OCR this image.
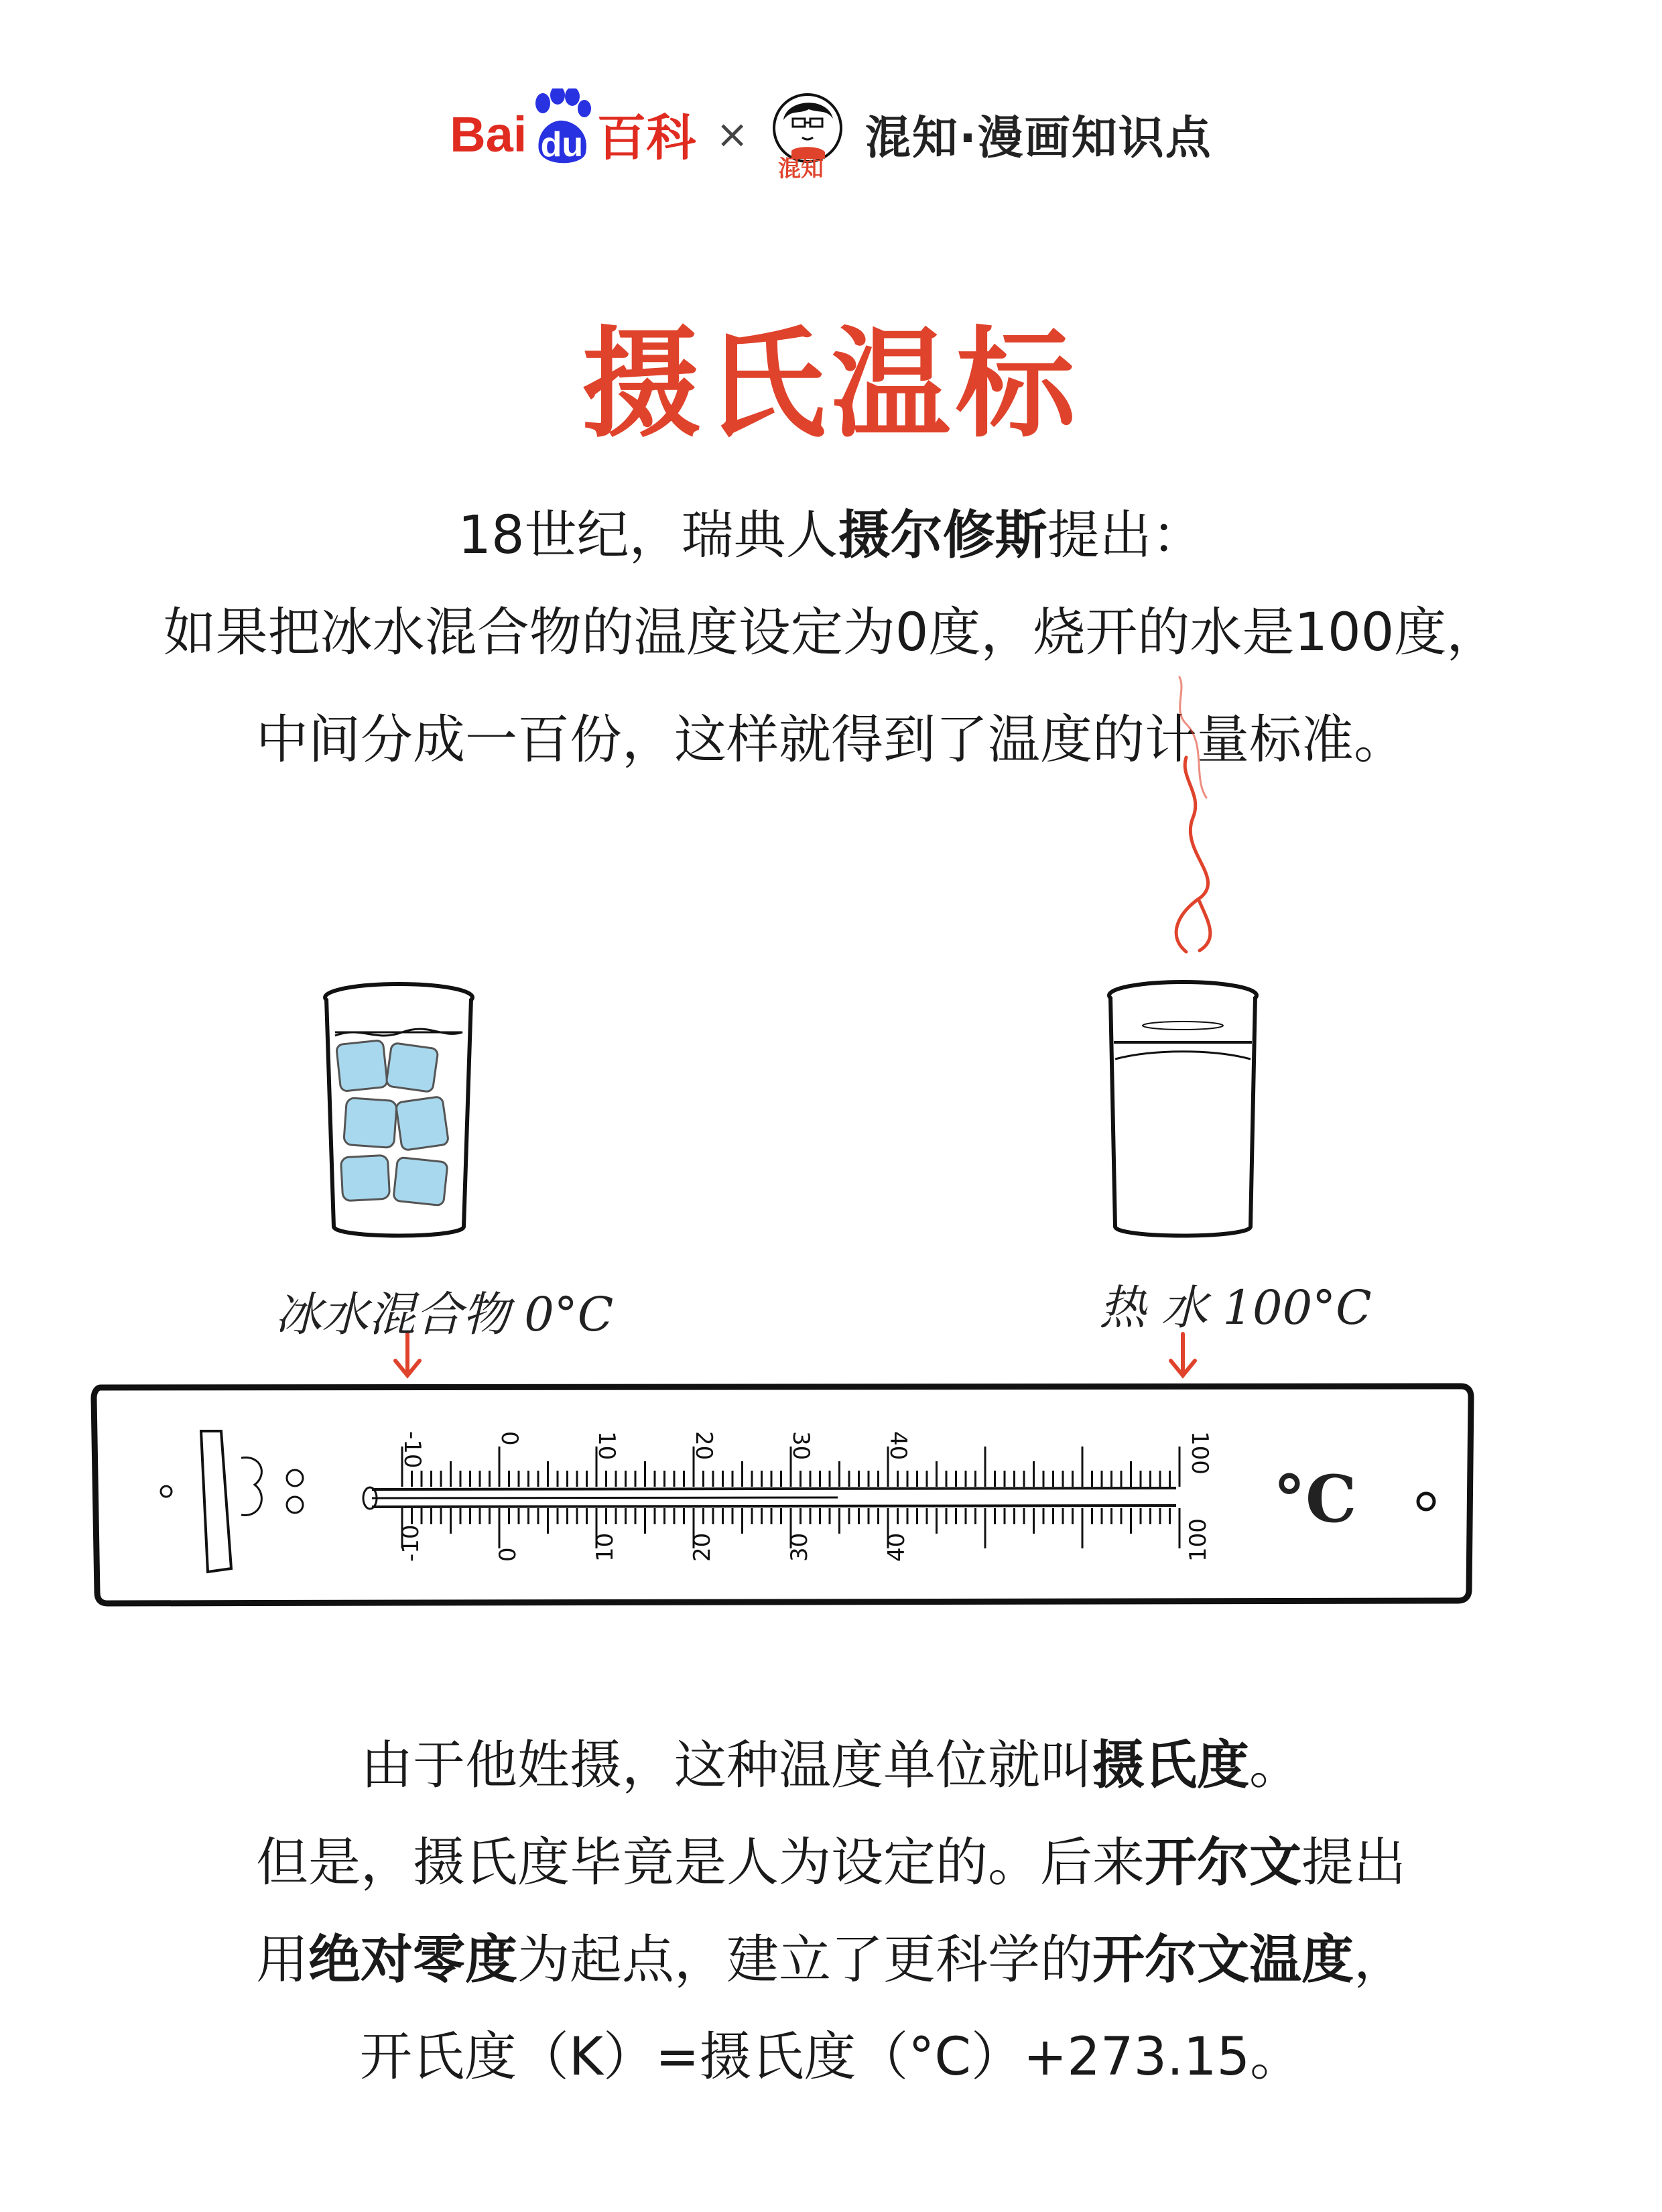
Bai du 百科 ×
混知
混知·漫画知识点
摄氏温标
18世纪，瑞典人摄尔修斯提出：
如果把冰水混合物的温度设定为0度，烧开的水是100度，
中间分成一百份，这样就得到了温度的计量标准。
-10
-10
0
0
10
10
20
20
30
30
40
40
100
100
冰水混合物 0°C	热 水 100°C
°C
由于他姓摄，这种温度单位就叫摄氏度。
但是，摄氏度毕竟是人为设定的。后来开尔文提出
用绝对零度为起点，建立了更科学的开尔文温度，
开氏度（K）=摄氏度（°C）+273.15。
